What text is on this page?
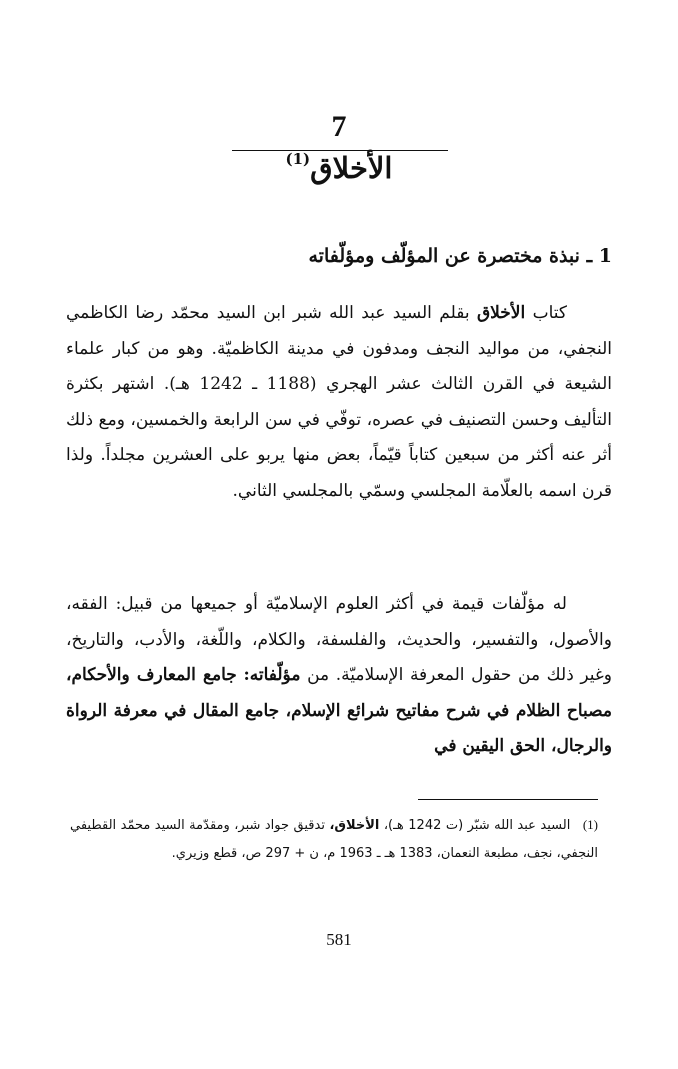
7
الأخلاق$^{(1)}$
1 ـ نبذة مختصرة عن المؤلّف ومؤلّفاته
كتاب الأخلاق بقلم السيد عبد الله شبر ابن السيد محمّد رضا الكاظمي النجفي، من مواليد النجف ومدفون في مدينة الكاظميّة. وهو من كبار علماء الشيعة في القرن الثالث عشر الهجري (1188 ـ 1242 هـ). اشتهر بكثرة التأليف وحسن التصنيف في عصره، توفّي في سن الرابعة والخمسين، ومع ذلك أثر عنه أكثر من سبعين كتاباً قيّماً، بعض منها يربو على العشرين مجلداً. ولذا قرن اسمه بالعلّامة المجلسي وسمّي بالمجلسي الثاني.
له مؤلّفات قيمة في أكثر العلوم الإسلاميّة أو جميعها من قبيل: الفقه، والأصول، والتفسير، والحديث، والفلسفة، والكلام، واللّغة، والأدب، والتاريخ، وغير ذلك من حقول المعرفة الإسلاميّة. من مؤلّفاته: جامع المعارف والأحكام، مصباح الظلام في شرح مفاتيح شرائع الإسلام، جامع المقال في معرفة الرواة والرجال، الحق اليقين في
(1) السيد عبد الله شبّر (ت 1242 هـ)، الأخلاق، تدقيق جواد شبر، ومقدّمة السيد محمّد القطيفي النجفي، نجف، مطبعة النعمان، 1383 هـ ـ 1963 م، ن + 297 ص، قطع وزيري.
581
